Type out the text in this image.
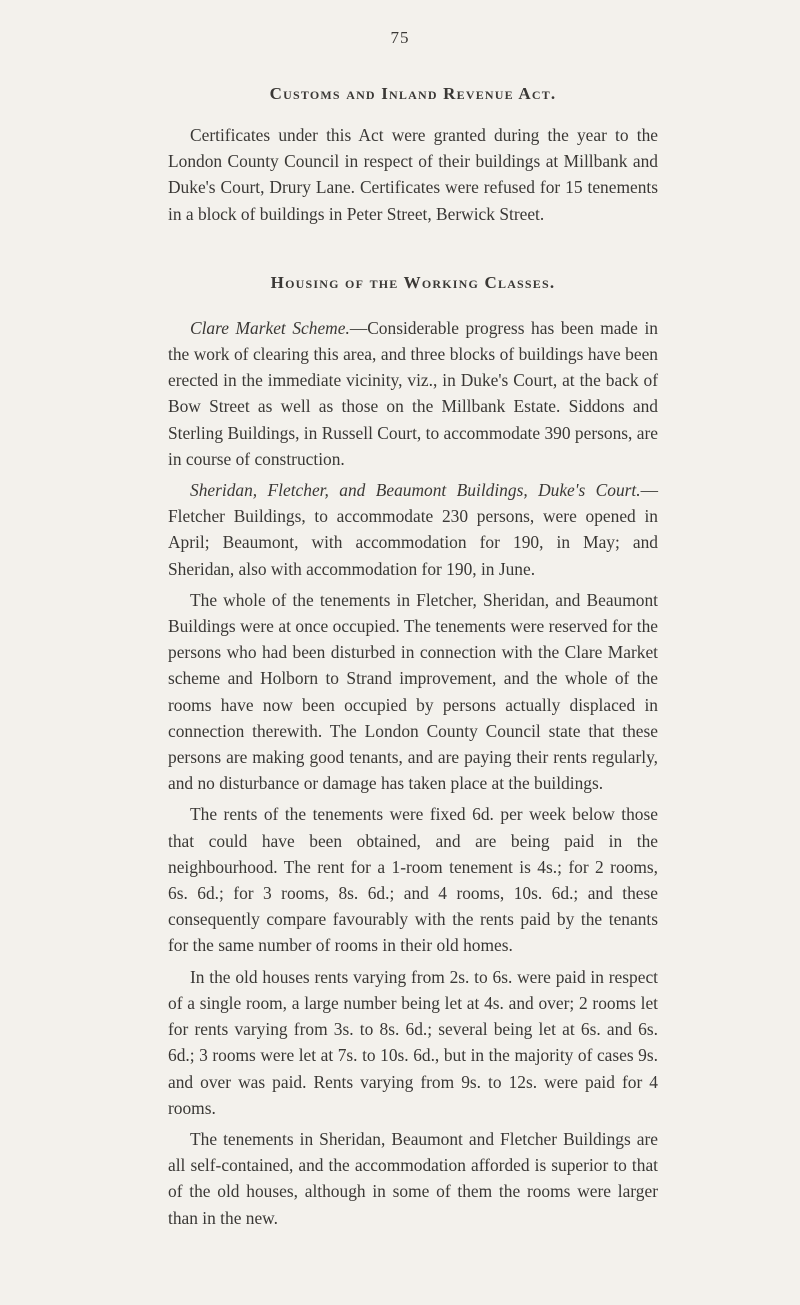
75
Customs and Inland Revenue Act.

Certificates under this Act were granted during the year to the London County Council in respect of their buildings at Millbank and Duke's Court, Drury Lane. Certificates were refused for 15 tenements in a block of buildings in Peter Street, Berwick Street.

Housing of the Working Classes.

Clare Market Scheme.—Considerable progress has been made in the work of clearing this area, and three blocks of buildings have been erected in the immediate vicinity, viz., in Duke's Court, at the back of Bow Street as well as those on the Millbank Estate. Siddons and Sterling Buildings, in Russell Court, to accommodate 390 persons, are in course of construction.

Sheridan, Fletcher, and Beaumont Buildings, Duke's Court.—Fletcher Buildings, to accommodate 230 persons, were opened in April; Beaumont, with accommodation for 190, in May; and Sheridan, also with accommodation for 190, in June.

The whole of the tenements in Fletcher, Sheridan, and Beaumont Buildings were at once occupied. The tenements were reserved for the persons who had been disturbed in connection with the Clare Market scheme and Holborn to Strand improvement, and the whole of the rooms have now been occupied by persons actually displaced in connection therewith. The London County Council state that these persons are making good tenants, and are paying their rents regularly, and no disturbance or damage has taken place at the buildings.

The rents of the tenements were fixed 6d. per week below those that could have been obtained, and are being paid in the neighbourhood. The rent for a 1-room tenement is 4s.; for 2 rooms, 6s. 6d.; for 3 rooms, 8s. 6d.; and 4 rooms, 10s. 6d.; and these consequently compare favourably with the rents paid by the tenants for the same number of rooms in their old homes.

In the old houses rents varying from 2s. to 6s. were paid in respect of a single room, a large number being let at 4s. and over; 2 rooms let for rents varying from 3s. to 8s. 6d.; several being let at 6s. and 6s. 6d.; 3 rooms were let at 7s. to 10s. 6d., but in the majority of cases 9s. and over was paid. Rents varying from 9s. to 12s. were paid for 4 rooms.

The tenements in Sheridan, Beaumont and Fletcher Buildings are all self-contained, and the accommodation afforded is superior to that of the old houses, although in some of them the rooms were larger than in the new.
